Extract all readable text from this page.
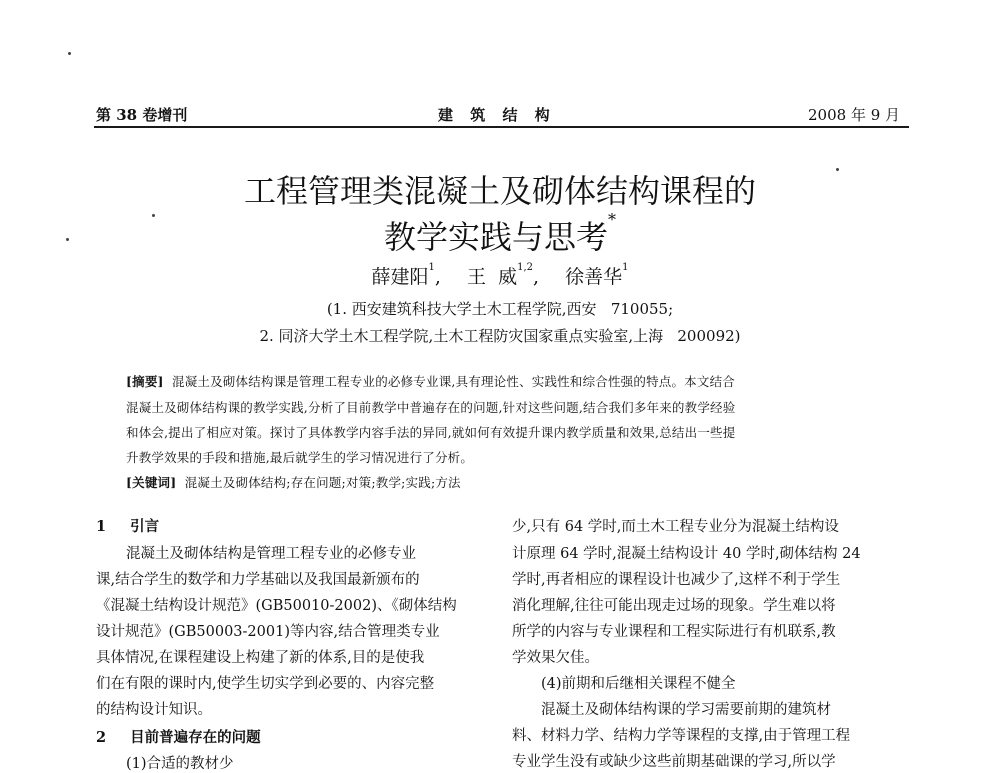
第 38 卷增刊	建 筑 结 构	2008 年 9 月
工程管理类混凝土及砌体结构课程的
教学实践与思考*
薛建阳$^1$,  王  威$^{1,2}$,  徐善华$^1$
(1. 西安建筑科技大学土木工程学院,西安   710055;
2. 同济大学土木工程学院,土木工程防灾国家重点实验室,上海   200092)
[摘要] 混凝土及砌体结构课是管理工程专业的必修专业课,具有理论性、实践性和综合性强的特点。本文结合
混凝土及砌体结构课的教学实践,分析了目前教学中普遍存在的问题,针对这些问题,结合我们多年来的教学经验
和体会,提出了相应对策。探讨了具体教学内容手法的异同,就如何有效提升课内教学质量和效果,总结出一些提
升教学效果的手段和措施,最后就学生的学习情况进行了分析。
[关键词] 混凝土及砌体结构;存在问题;对策;教学;实践;方法
1 引言
混凝土及砌体结构是管理工程专业的必修专业
课,结合学生的数学和力学基础以及我国最新颁布的
《混凝土结构设计规范》(GB50010-2002)、《砌体结构
设计规范》(GB50003-2001)等内容,结合管理类专业
具体情况,在课程建设上构建了新的体系,目的是使我
们在有限的课时内,使学生切实学到必要的、内容完整
的结构设计知识。
2 目前普遍存在的问题
(1)合适的教材少
少,只有 64 学时,而土木工程专业分为混凝土结构设
计原理 64 学时,混凝土结构设计 40 学时,砌体结构 24
学时,再者相应的课程设计也减少了,这样不利于学生
消化理解,往往可能出现走过场的现象。学生难以将
所学的内容与专业课程和工程实际进行有机联系,教
学效果欠佳。
(4)前期和后继相关课程不健全
混凝土及砌体结构课的学习需要前期的建筑材
料、材料力学、结构力学等课程的支撑,由于管理工程
专业学生没有或缺少这些前期基础课的学习,所以学
